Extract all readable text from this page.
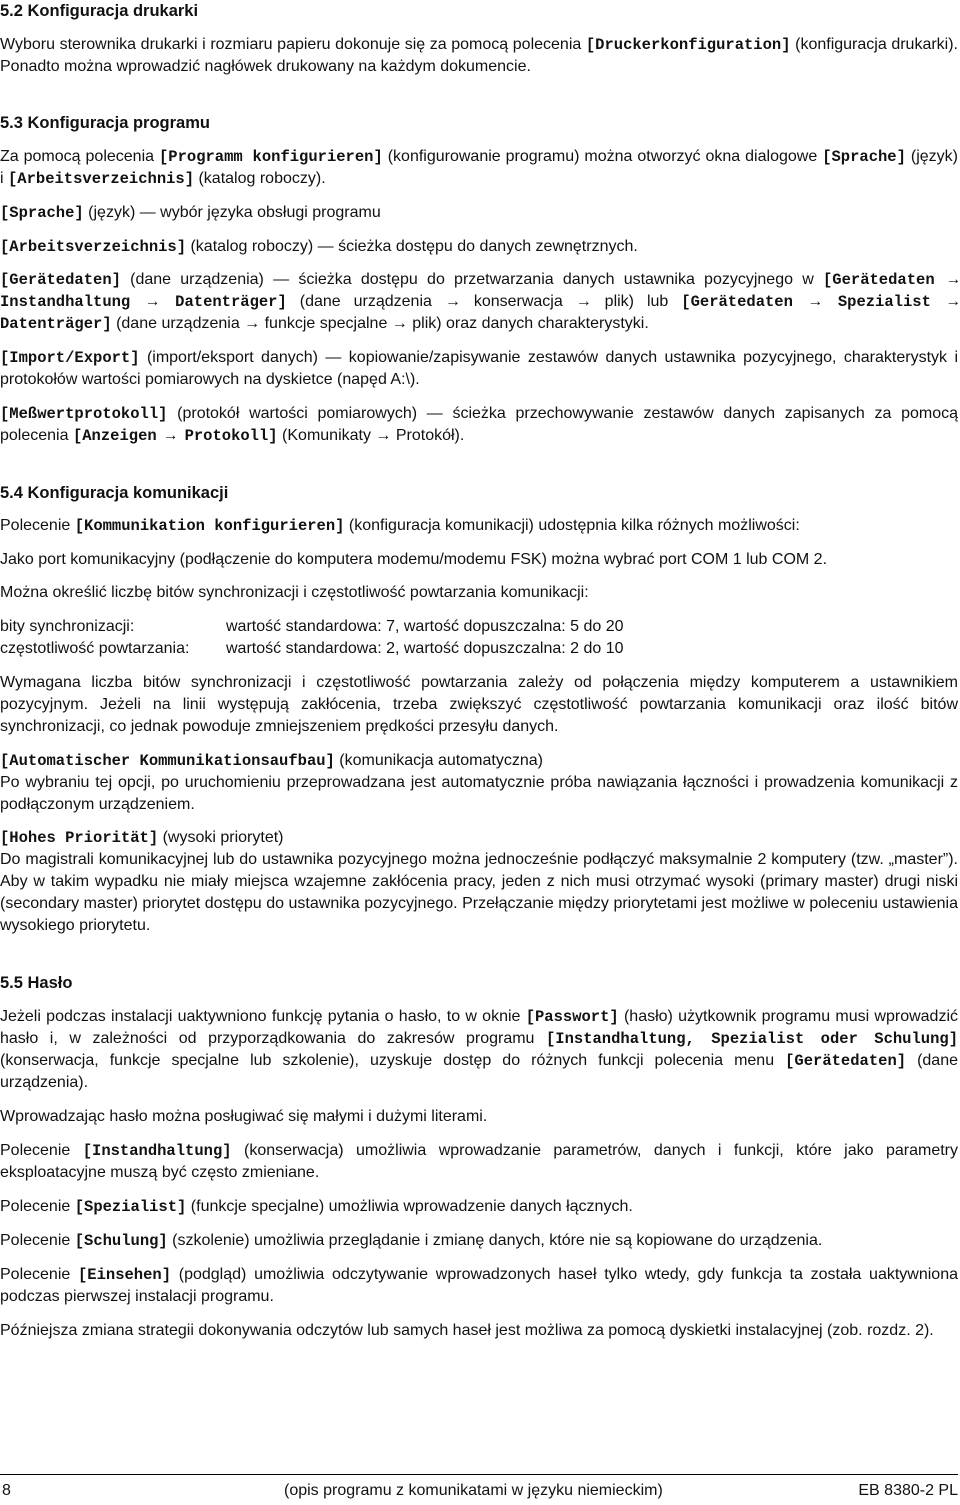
5.2 Konfiguracja drukarki

Wyboru sterownika drukarki i rozmiaru papieru dokonuje się za pomocą polecenia [Druckerkonfiguration] (konfiguracja drukarki). Ponadto można wprowadzić nagłówek drukowany na każdym dokumencie.

5.3 Konfiguracja programu

Za pomocą polecenia [Programm konfigurieren] (konfigurowanie programu) można otworzyć okna dialogowe [Sprache] (język) i [Arbeitsverzeichnis] (katalog roboczy).

[Sprache] (język) — wybór języka obsługi programu

[Arbeitsverzeichnis] (katalog roboczy) — ścieżka dostępu do danych zewnętrznych.

[Gerätedaten] (dane urządzenia) — ścieżka dostępu do przetwarzania danych ustawnika pozycyjnego w [Gerätedaten → Instandhaltung → Datenträger] (dane urządzenia → konserwacja → plik) lub [Gerätedaten → Spezialist → Datenträger] (dane urządzenia → funkcje specjalne → plik) oraz danych charakterystyki.

[Import/Export] (import/eksport danych) — kopiowanie/zapisywanie zestawów danych ustawnika pozycyjnego, charakterystyk i protokołów wartości pomiarowych na dyskietce (napęd A:\).

[Meßwertprotokoll] (protokół wartości pomiarowych) — ścieżka przechowywanie zestawów danych zapisanych za pomocą polecenia [Anzeigen → Protokoll] (Komunikaty → Protokół).

5.4 Konfiguracja komunikacji

Polecenie [Kommunikation konfigurieren] (konfiguracja komunikacji) udostępnia kilka różnych możliwości:

Jako port komunikacyjny (podłączenie do komputera modemu/modemu FSK) można wybrać port COM 1 lub COM 2.

Można określić liczbę bitów synchronizacji i częstotliwość powtarzania komunikacji:

bity synchronizacji:	wartość standardowa: 7, wartość dopuszczalna: 5 do 20
częstotliwość powtarzania:	wartość standardowa: 2, wartość dopuszczalna: 2 do 10

Wymagana liczba bitów synchronizacji i częstotliwość powtarzania zależy od połączenia między komputerem a ustawnikiem pozycyjnym. Jeżeli na linii występują zakłócenia, trzeba zwiększyć częstotliwość powtarzania komunikacji oraz ilość bitów synchronizacji, co jednak powoduje zmniejszeniem prędkości przesyłu danych.

[Automatischer Kommunikationsaufbau] (komunikacja automatyczna)

Po wybraniu tej opcji, po uruchomieniu przeprowadzana jest automatycznie próba nawiązania łączności i prowadzenia komunikacji z podłączonym urządzeniem.

[Hohes Priorität] (wysoki priorytet)

Do magistrali komunikacyjnej lub do ustawnika pozycyjnego można jednocześnie podłączyć maksymalnie 2 komputery (tzw. „master”). Aby w takim wypadku nie miały miejsca wzajemne zakłócenia pracy, jeden z nich musi otrzymać wysoki (primary master) drugi niski (secondary master) priorytet dostępu do ustawnika pozycyjnego. Przełączanie między priorytetami jest możliwe w poleceniu ustawienia wysokiego priorytetu.

5.5 Hasło

Jeżeli podczas instalacji uaktywniono funkcję pytania o hasło, to w oknie [Passwort] (hasło) użytkownik programu musi wprowadzić hasło i, w zależności od przyporządkowania do zakresów programu [Instandhaltung, Spezialist oder Schulung] (konserwacja, funkcje specjalne lub szkolenie), uzyskuje dostęp do różnych funkcji polecenia menu [Gerätedaten] (dane urządzenia).

Wprowadzając hasło można posługiwać się małymi i dużymi literami.

Polecenie [Instandhaltung] (konserwacja) umożliwia wprowadzanie parametrów, danych i funkcji, które jako parametry eksploatacyjne muszą być często zmieniane.

Polecenie [Spezialist] (funkcje specjalne) umożliwia wprowadzenie danych łącznych.

Polecenie [Schulung] (szkolenie) umożliwia przeglądanie i zmianę danych, które nie są kopiowane do urządzenia.

Polecenie [Einsehen] (podgląd) umożliwia odczytywanie wprowadzonych haseł tylko wtedy, gdy funkcja ta została uaktywniona podczas pierwszej instalacji programu.

Późniejsza zmiana strategii dokonywania odczytów lub samych haseł jest możliwa za pomocą dyskietki instalacyjnej (zob. rozdz. 2).

8	(opis programu z komunikatami w języku niemieckim)	EB 8380-2 PL
